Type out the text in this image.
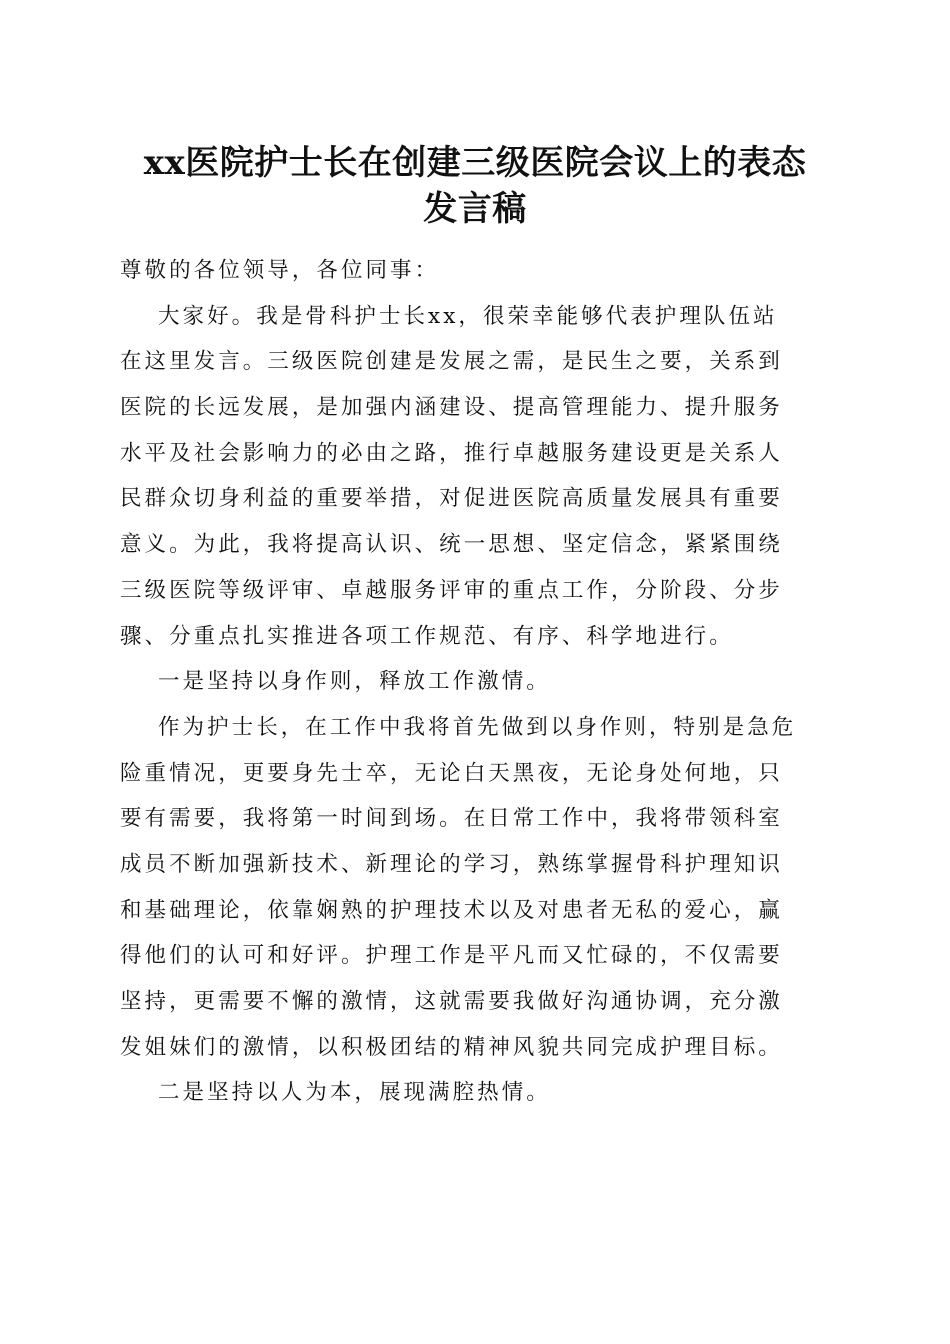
xx医院护士长在创建三级医院会议上的表态
发言稿
尊敬的各位领导，各位同事：
大家好。我是骨科护士长xx，很荣幸能够代表护理队伍站
在这里发言。三级医院创建是发展之需，是民生之要，关系到
医院的长远发展，是加强内涵建设、提高管理能力、提升服务
水平及社会影响力的必由之路，推行卓越服务建设更是关系人
民群众切身利益的重要举措，对促进医院高质量发展具有重要
意义。为此，我将提高认识、统一思想、坚定信念，紧紧围绕
三级医院等级评审、卓越服务评审的重点工作，分阶段、分步
骤、分重点扎实推进各项工作规范、有序、科学地进行。
一是坚持以身作则，释放工作激情。
作为护士长，在工作中我将首先做到以身作则，特别是急危
险重情况，更要身先士卒，无论白天黑夜，无论身处何地，只
要有需要，我将第一时间到场。在日常工作中，我将带领科室
成员不断加强新技术、新理论的学习，熟练掌握骨科护理知识
和基础理论，依靠娴熟的护理技术以及对患者无私的爱心，赢
得他们的认可和好评。护理工作是平凡而又忙碌的，不仅需要
坚持，更需要不懈的激情，这就需要我做好沟通协调，充分激
发姐妹们的激情，以积极团结的精神风貌共同完成护理目标。
二是坚持以人为本，展现满腔热情。
